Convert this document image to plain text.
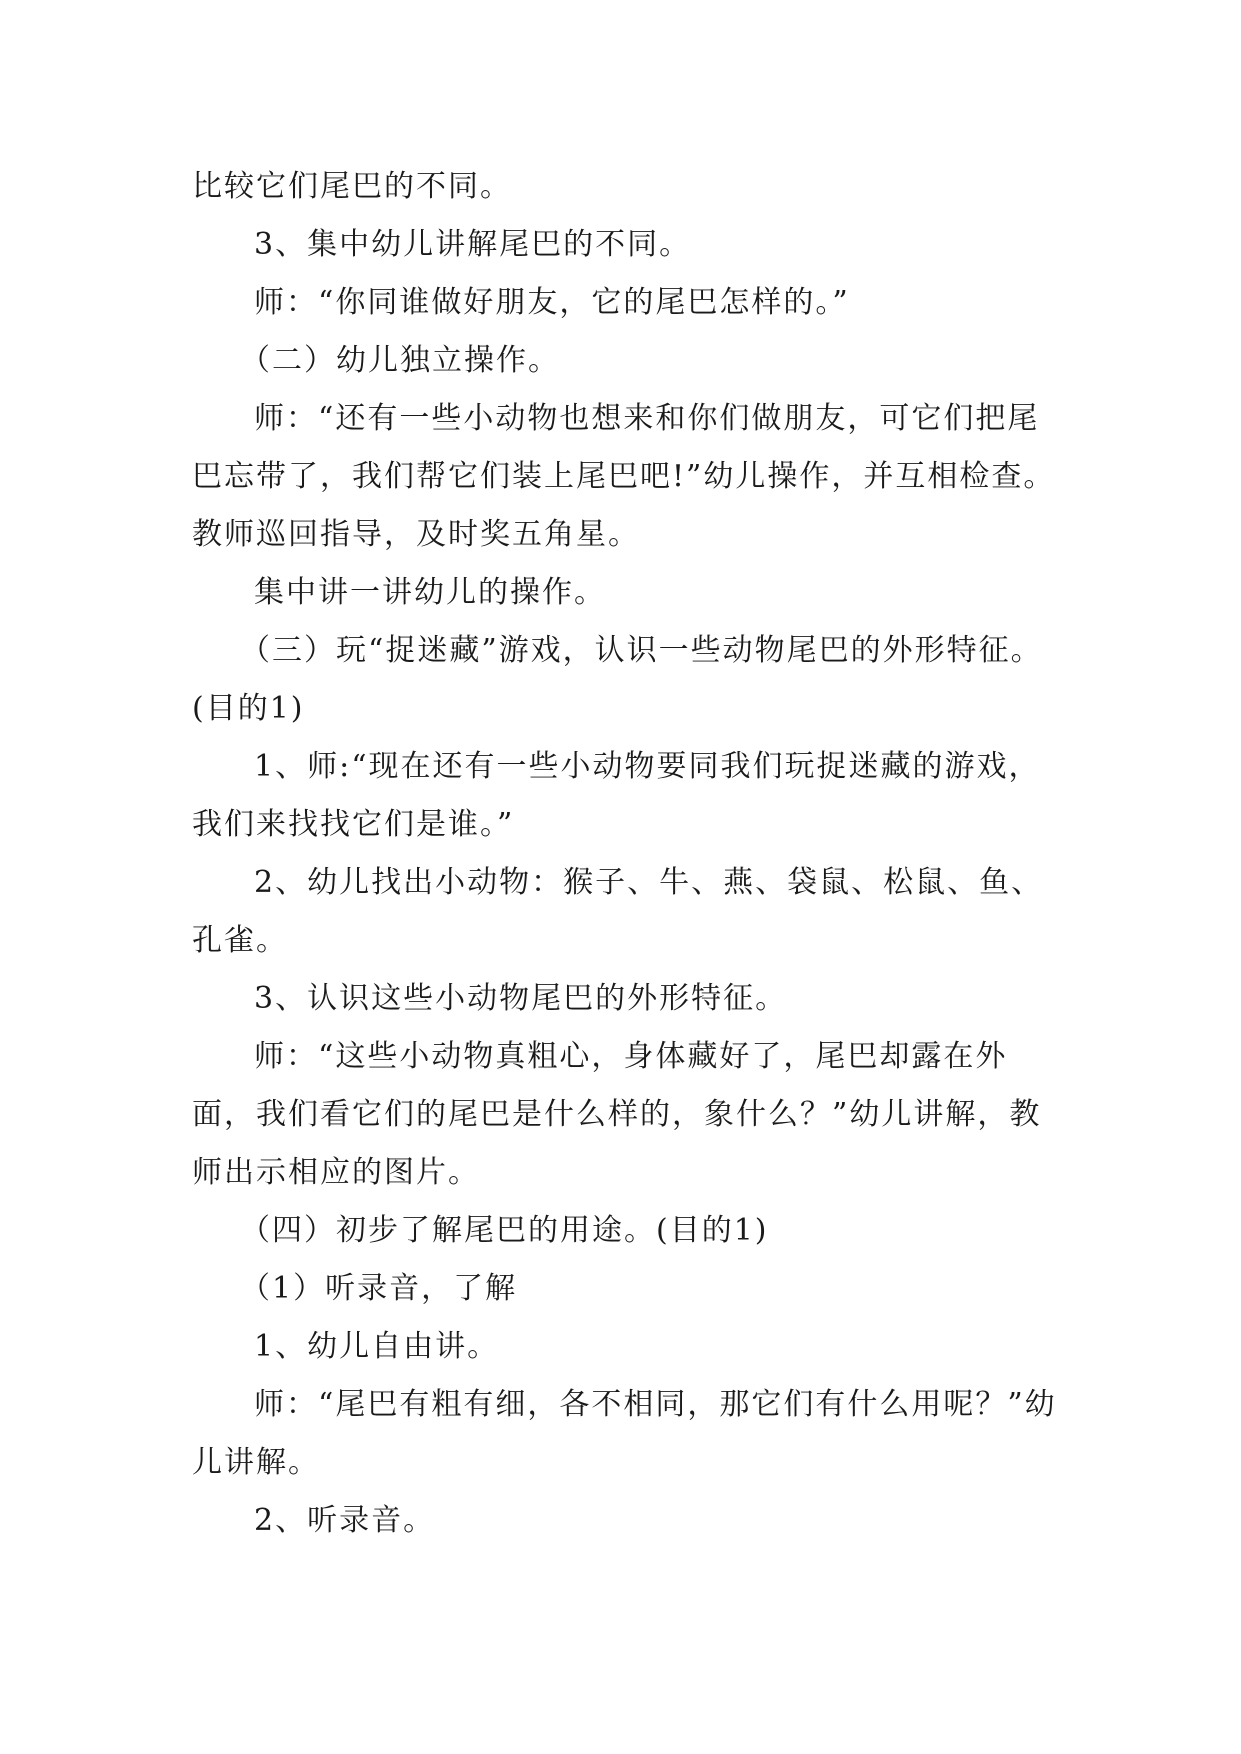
比较它们尾巴的不同。

3、集中幼儿讲解尾巴的不同。

师：“你同谁做好朋友，它的尾巴怎样的。”

（二）幼儿独立操作。

师：“还有一些小动物也想来和你们做朋友，可它们把尾巴忘带了，我们帮它们装上尾巴吧!”幼儿操作，并互相检查。教师巡回指导，及时奖五角星。

集中讲一讲幼儿的操作。

（三）玩“捉迷藏”游戏，认识一些动物尾巴的外形特征。(目的1)

1、师:“现在还有一些小动物要同我们玩捉迷藏的游戏，我们来找找它们是谁。”

2、幼儿找出小动物：猴子、牛、燕、袋鼠、松鼠、鱼、孔雀。

3、认识这些小动物尾巴的外形特征。

师：“这些小动物真粗心，身体藏好了，尾巴却露在外面，我们看它们的尾巴是什么样的，象什么？”幼儿讲解，教师出示相应的图片。

（四）初步了解尾巴的用途。(目的1)

（1）听录音，了解

1、幼儿自由讲。

师：“尾巴有粗有细，各不相同，那它们有什么用呢？”幼儿讲解。

2、听录音。
